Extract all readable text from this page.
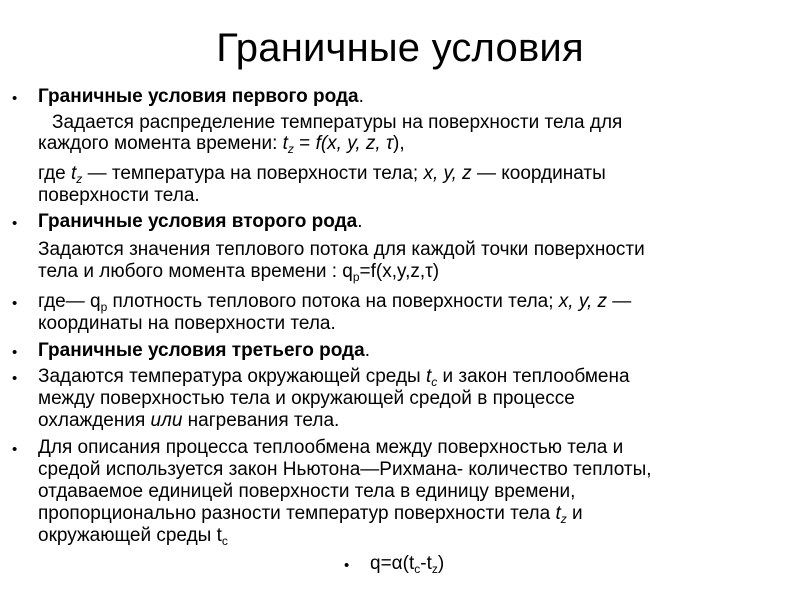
Граничные условия
• Граничные условия первого рода.
Задается распределение температуры на поверхности тела для
каждого момента времени: $t_z = f(x$, y, z, τ),
где $t_z$ — температура на поверхности тела; x, y, z — координаты
поверхности тела.
• Граничные условия второго рода.
Задаются значения теплового потока для каждой точки поверхности
тела и любого момента времени : $q_p=f(x,y,z,\tau)$
• где— $q_p$ плотность теплового потока на поверхности тела; x, y, z —
координаты на поверхности тела.
• Граничные условия третьего рода.
• Задаются температура окружающей среды $t_c$ и закон теплообмена
между поверхностью тела и окружающей средой в процессе
охлаждения или нагревания тела.
• Для описания процесса теплообмена между поверхностью тела и
средой используется закон Ньютона—Рихмана- количество теплоты,
отдаваемое единицей поверхности тела в единицу времени,
пропорционально разности температур поверхности тела $t_z$ и
окружающей среды $t_c$
• $q=\alpha(t_c-t_z)$
